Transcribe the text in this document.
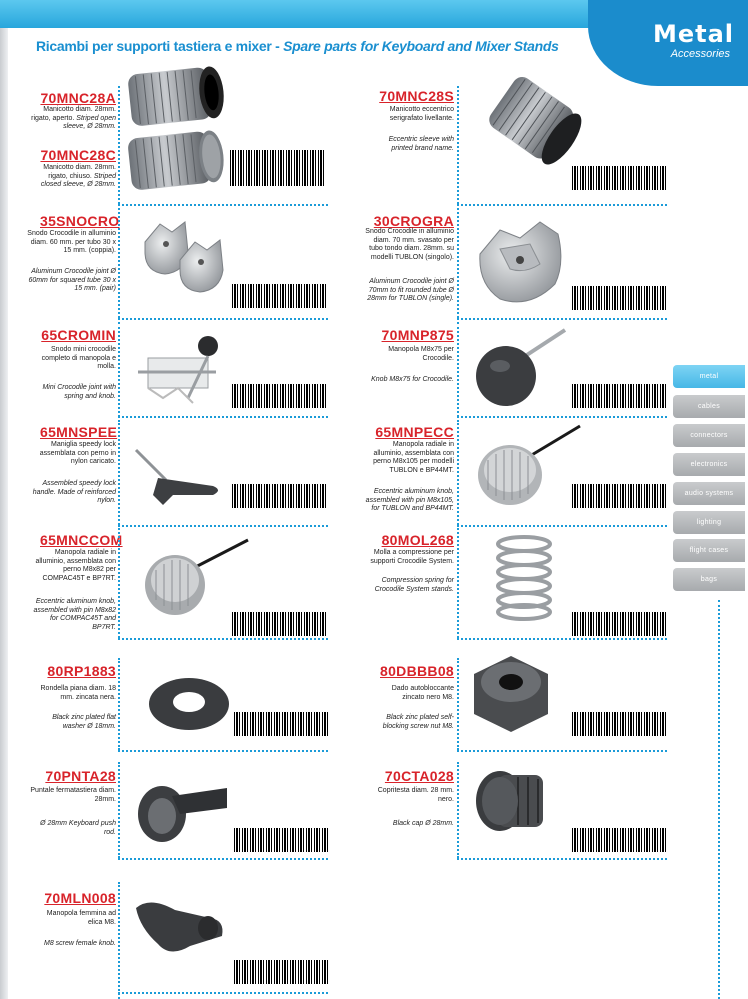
Metal
Accessories
Ricambi per supporti tastiera e mixer - Spare parts for Keyboard and Mixer Stands
metal
cables
connectors
electronics
audio systems
lighting
flight cases
bags
70MNC28A
Manicotto diam. 28mm. rigato, aperto. Striped open sleeve, Ø 28mm.
70MNC28C
Manicotto diam. 28mm. rigato, chiuso. Striped closed sleeve, Ø 28mm.
70MNC28S
Manicotto eccentrico serigrafato livellante.
Eccentric sleeve with printed brand name.
35SNOCRO
Snodo Crocodile in alluminio diam. 60 mm. per tubo 30 x 15 mm. (coppia).
Aluminum Crocodile joint Ø 60mm for squared tube 30 x 15 mm. (pair)
30CROGRA
Snodo Crocodile in alluminio diam. 70 mm. svasato per tubo tondo diam. 28mm. su modelli TUBLON (singolo).
Aluminum Crocodile joint Ø 70mm to fit rounded tube Ø 28mm for TUBLON (single).
65CROMIN
Snodo mini crocodile completo di manopola e molla.
Mini Crocodile joint with spring and knob.
70MNP875
Manopola M8x75 per Crocodile.
Knob M8x75 for Crocodile.
65MNSPEE
Maniglia speedy lock assemblata con perno in nylon caricato.
Assembled speedy lock handle. Made of reinforced nylon.
65MNPECC
Manopola radiale in alluminio, assemblata con perno M8x105 per modelli TUBLON e BP44MT.
Eccentric aluminum knob, assembled with pin M8x105, for TUBLON and BP44MT.
65MNCCOM
Manopola radiale in alluminio, assemblata con perno M8x82 per COMPAC45T e BP7RT.
Eccentric aluminum knob, assembled with pin M8x82 for COMPAC45T and BP7RT.
80MOL268
Molla a compressione per supporti Crocodile System.
Compression spring for Crocodile System stands.
80RP1883
Rondella piana diam. 18 mm. zincata nera.
Black zinc plated flat washer Ø 18mm.
80DBBB08
Dado autobloccante zincato nero M8.
Black zinc plated self-blocking screw nut M8.
70PNTA28
Puntale fermatastiera diam. 28mm.
Ø 28mm Keyboard push rod.
70CTA028
Copritesta diam. 28 mm. nero.
Black cap Ø 28mm.
70MLN008
Manopola femmina ad elica M8.
M8 screw female knob.
